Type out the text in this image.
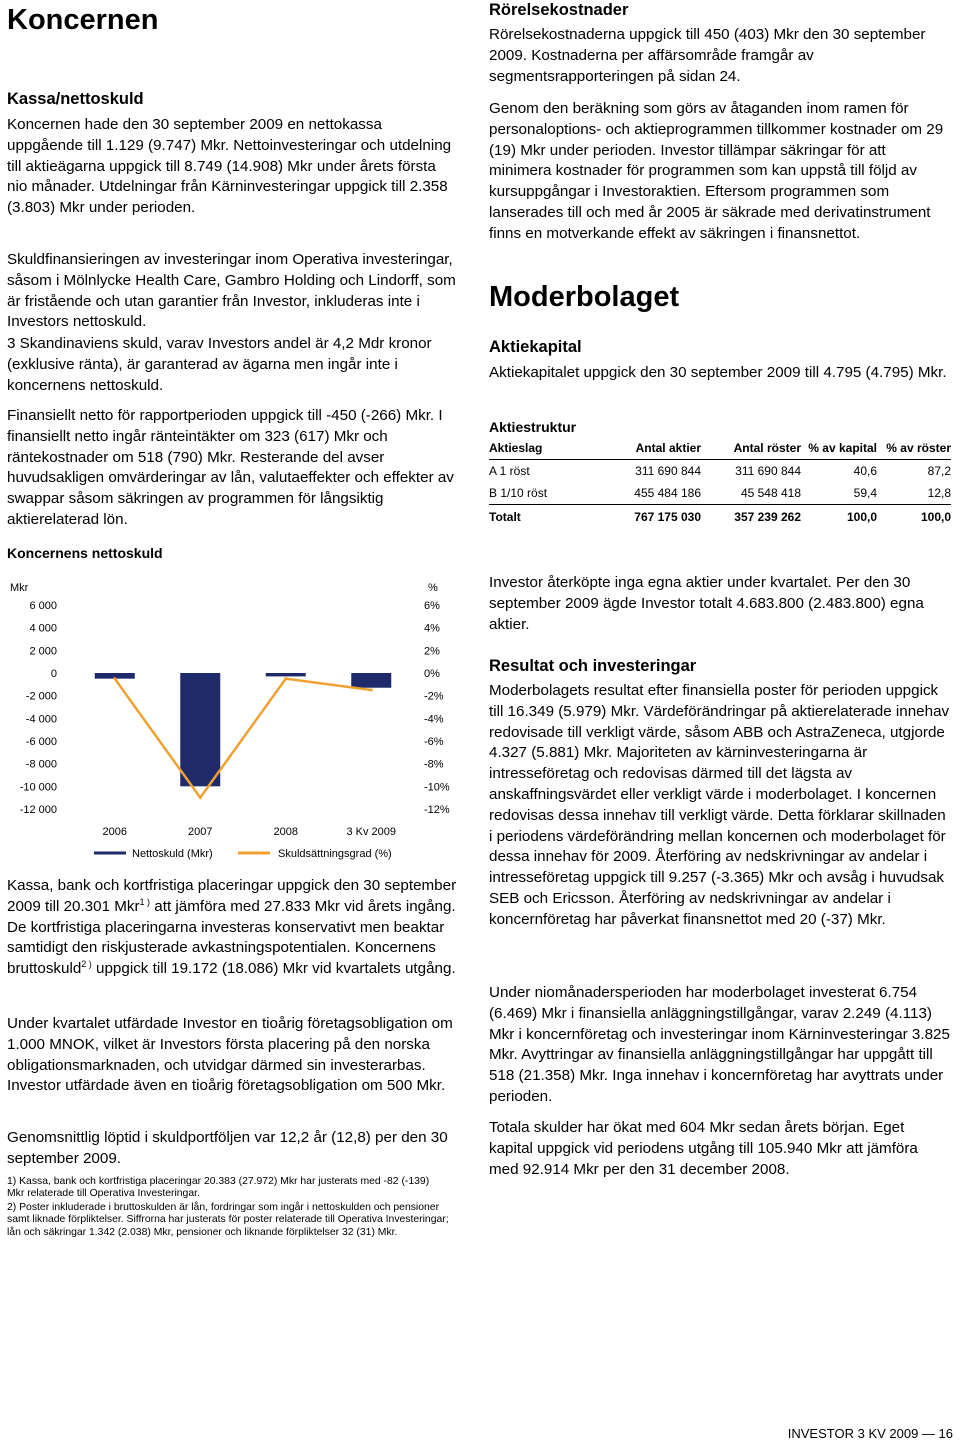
Koncernen
Kassa/nettoskuld

Koncernen hade den 30 september 2009 en nettokassa uppgående till 1.129 (9.747) Mkr. Nettoinvesteringar och utdelning till aktieägarna uppgick till 8.749 (14.908) Mkr under årets första nio månader. Utdelningar från Kärninvesteringar uppgick till 2.358 (3.803) Mkr under perioden.

Skuldfinansieringen av investeringar inom Operativa investeringar, såsom i Mölnlycke Health Care, Gambro Holding och Lindorff, som är fristående och utan garantier från Investor, inkluderas inte i Investors nettoskuld.

3 Skandinaviens skuld, varav Investors andel är 4,2 Mdr kronor (exklusive ränta), är garanterad av ägarna men ingår inte i koncernens nettoskuld.

Finansiellt netto för rapportperioden uppgick till -450 (-266) Mkr. I finansiellt netto ingår ränteintäkter om 323 (617) Mkr och räntekostnader om 518 (790) Mkr. Resterande del avser huvudsakligen omvärderingar av lån, valutaeffekter och effekter av swappar såsom säkringen av programmen för långsiktig aktierelaterad lön.

Koncernens nettoskuld
Mkr	%
6 000	6%
4 000	4%
2 000	2%
0	0%
-2 000	-2%
-4 000	-4%
-6 000	-6%
-8 000	-8%
-10 000	-10%
-12 000	-12%
2006	2007	2008	3 Kv 2009
Nettoskuld (Mkr)	Skuldsättningsgrad (%)

Kassa, bank och kortfristiga placeringar uppgick den 30 september 2009 till 20.301 Mkr$^{1 )}$ att jämföra med 27.833 Mkr vid årets ingång. De kortfristiga placeringarna investeras konservativt men beaktar samtidigt den riskjusterade avkastningspotentialen. Koncernens bruttoskuld$^{2 )}$ uppgick till 19.172 (18.086) Mkr vid kvartalets utgång.

Under kvartalet utfärdade Investor en tioårig företagsobligation om 1.000 MNOK, vilket är Investors första placering på den norska obligationsmarknaden, och utvidgar därmed sin investerarbas. Investor utfärdade även en tioårig företagsobligation om 500 Mkr.

Genomsnittlig löptid i skuldportföljen var 12,2 år (12,8) per den 30 september 2009.

1) Kassa, bank och kortfristiga placeringar 20.383 (27.972) Mkr har justerats med -82 (-139) Mkr relaterade till Operativa Investeringar.

2) Poster inkluderade i bruttoskulden är lån, fordringar som ingår i nettoskulden och pensioner samt liknade förpliktelser. Siffrorna har justerats för poster relaterade till Operativa Investeringar; lån och säkringar 1.342 (2.038) Mkr, pensioner och liknande förpliktelser 32 (31) Mkr.

Rörelsekostnader

Rörelsekostnaderna uppgick till 450 (403) Mkr den 30 september 2009. Kostnaderna per affärsområde framgår av segmentsrapporteringen på sidan 24.

Genom den beräkning som görs av åtaganden inom ramen för personaloptions- och aktieprogrammen tillkommer kostnader om 29 (19) Mkr under perioden. Investor tillämpar säkringar för att minimera kostnader för programmen som kan uppstå till följd av kursuppgångar i Investoraktien. Eftersom programmen som lanserades till och med år 2005 är säkrade med derivatinstrument finns en motverkande effekt av säkringen i finansnettot.

Moderbolaget
Aktiekapital

Aktiekapitalet uppgick den 30 september 2009 till 4.795 (4.795) Mkr.

Aktiestruktur
Aktieslag	Antal aktier	Antal röster	% av kapital	% av röster
A 1 röst	311 690 844	311 690 844	40,6	87,2
B 1/10 röst	455 484 186	45 548 418	59,4	12,8
Totalt	767 175 030	357 239 262	100,0	100,0

Investor återköpte inga egna aktier under kvartalet. Per den 30 september 2009 ägde Investor totalt 4.683.800 (2.483.800) egna aktier.

Resultat och investeringar

Moderbolagets resultat efter finansiella poster för perioden uppgick till 16.349 (5.979) Mkr. Värdeförändringar på aktierelaterade innehav redovisade till verkligt värde, såsom ABB och AstraZeneca, utgjorde 4.327 (5.881) Mkr. Majoriteten av kärninvesteringarna är intresseföretag och redovisas därmed till det lägsta av anskaffningsvärdet eller verkligt värde i moderbolaget. I koncernen redovisas dessa innehav till verkligt värde. Detta förklarar skillnaden i periodens värdeförändring mellan koncernen och moderbolaget för dessa innehav för 2009. Återföring av nedskrivningar av andelar i intresseföretag uppgick till 9.257 (-3.365) Mkr och avsåg i huvudsak SEB och Ericsson. Återföring av nedskrivningar av andelar i koncernföretag har påverkat finansnettot med 20 (-37) Mkr.

Under niomånadersperioden har moderbolaget investerat 6.754 (6.469) Mkr i finansiella anläggningstillgångar, varav 2.249 (4.113) Mkr i koncernföretag och investeringar inom Kärninvesteringar 3.825 Mkr. Avyttringar av finansiella anläggningstillgångar har uppgått till 518 (21.358) Mkr. Inga innehav i koncernföretag har avyttrats under perioden.

Totala skulder har ökat med 604 Mkr sedan årets början. Eget kapital uppgick vid periodens utgång till 105.940 Mkr att jämföra med 92.914 Mkr per den 31 december 2008.

INVESTOR 3 KV 2009 — 16
